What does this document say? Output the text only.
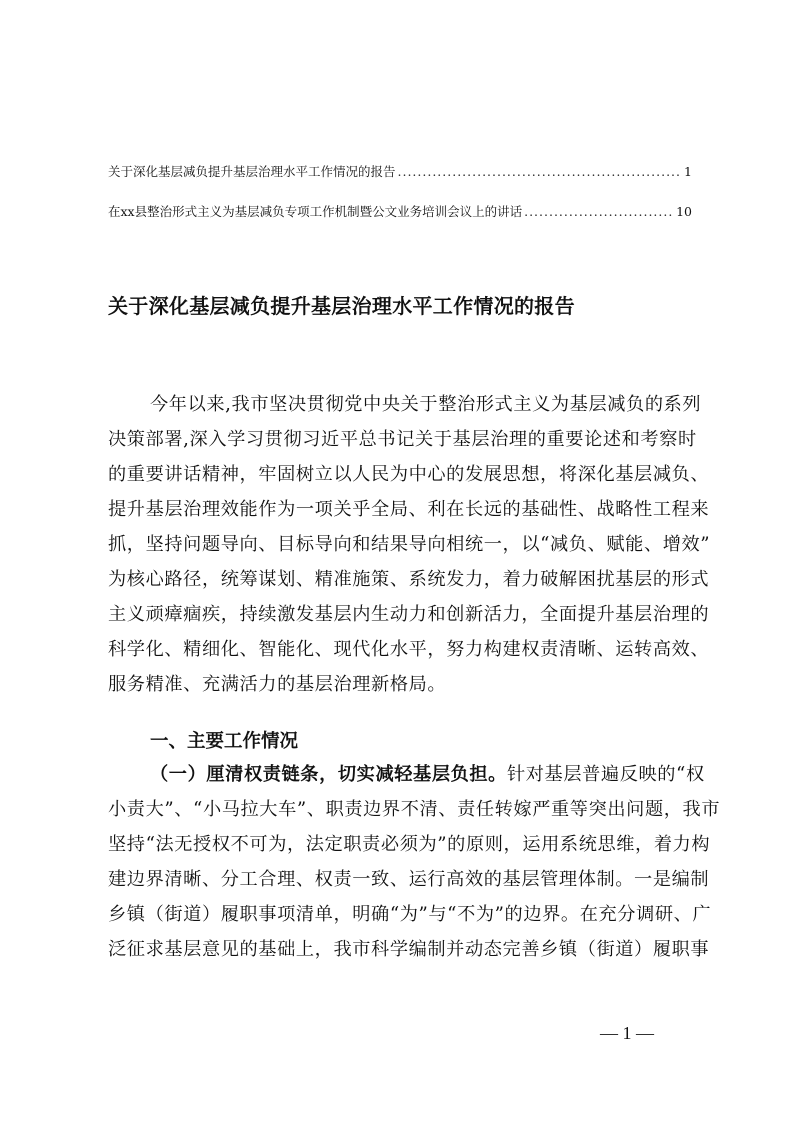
关于深化基层减负提升基层治理水平工作情况的报告 .....	1
在xx县整治形式主义为基层减负专项工作机制暨公文业务培训会议上的讲话 .....	10
关于深化基层减负提升基层治理水平工作情况的报告
今年以来,我市坚决贯彻党中央关于整治形式主义为基层减负的系列
决策部署,深入学习贯彻习近平总书记关于基层治理的重要论述和考察时
的重要讲话精神，牢固树立以人民为中心的发展思想，将深化基层减负、
提升基层治理效能作为一项关乎全局、利在长远的基础性、战略性工程来
抓，坚持问题导向、目标导向和结果导向相统一，以“减负、赋能、增效”
为核心路径，统筹谋划、精准施策、系统发力，着力破解困扰基层的形式
主义顽瘴痼疾，持续激发基层内生动力和创新活力，全面提升基层治理的
科学化、精细化、智能化、现代化水平，努力构建权责清晰、运转高效、
服务精准、充满活力的基层治理新格局。
一、主要工作情况
（一）厘清权责链条，切实减轻基层负担。 针对基层普遍反映的“权
小责大”、“小马拉大车”、职责边界不清、责任转嫁严重等突出问题，我市
坚持“法无授权不可为，法定职责必须为”的原则，运用系统思维，着力构
建边界清晰、分工合理、权责一致、运行高效的基层管理体制。一是编制
乡镇（街道）履职事项清单，明确“为”与“不为”的边界。在充分调研、广
泛征求基层意见的基础上，我市科学编制并动态完善乡镇（街道）履职事
— 1 —
